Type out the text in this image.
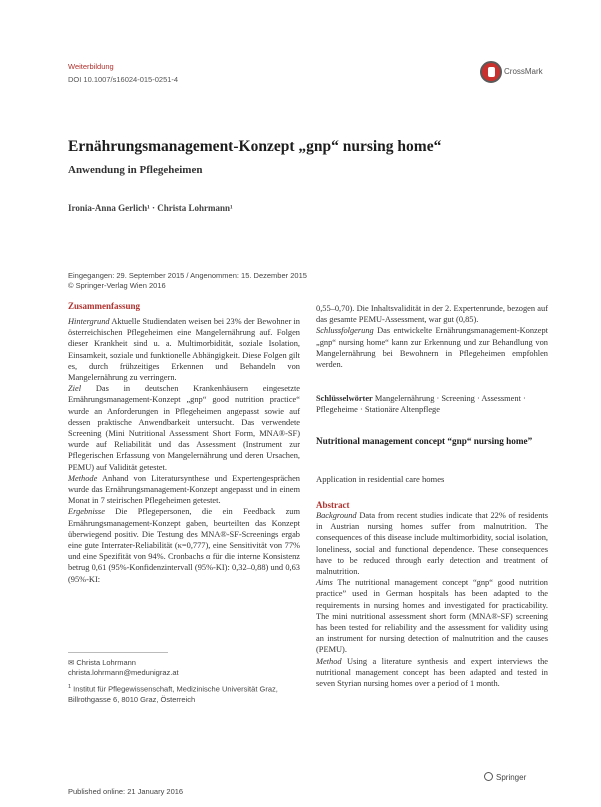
Weiterbildung
DOI 10.1007/s16024-015-0251-4
CrossMark
Ernährungsmanagement-Konzept „gnp“ nursing home“
Anwendung in Pflegeheimen
Ironia-Anna Gerlich¹ · Christa Lohrmann¹
Eingegangen: 29. September 2015 / Angenommen: 15. Dezember 2015
© Springer-Verlag Wien 2016
Zusammenfassung

Hintergrund Aktuelle Studiendaten weisen bei 23% der Bewohner in österreichischen Pflegeheimen eine Mangelernährung auf. Folgen dieser Krankheit sind u. a. Multimorbidität, soziale Isolation, Einsamkeit, soziale und funktionelle Abhängigkeit. Diese Folgen gilt es, durch frühzeitiges Erkennen und Behandeln von Mangelernährung zu verringern.

Ziel Das in deutschen Krankenhäusern eingesetzte Ernährungsmanagement-Konzept „gnp“ good nutrition practice“ wurde an Anforderungen in Pflegeheimen angepasst sowie auf dessen praktische Anwendbarkeit untersucht. Das verwendete Screening (Mini Nutritional Assessment Short Form, MNA®-SF) wurde auf Reliabilität und das Assessment (Instrument zur Pflegerischen Erfassung von Mangelernährung und deren Ursachen, PEMU) auf Validität getestet.

Methode Anhand von Literatursynthese und Expertengesprächen wurde das Ernährungsmanagement-Konzept angepasst und in einem Monat in 7 steirischen Pflegeheimen getestet.

Ergebnisse Die Pflegepersonen, die ein Feedback zum Ernährungsmanagement-Konzept gaben, beurteilten das Konzept überwiegend positiv. Die Testung des MNA®-SF-Screenings ergab eine gute Interrater-Reliabilität (κ=0,777), eine Sensitivität von 77% und eine Spezifität von 94%. Cronbachs α für die interne Konsistenz betrug 0,61 (95%-Konfidenzintervall (95%-KI): 0,32–0,88) und 0,63 (95%-KI:

0,55–0,70). Die Inhaltsvalidität in der 2. Expertenrunde, bezogen auf das gesamte PEMU-Assessment, war gut (0,85).

Schlussfolgerung Das entwickelte Ernährungsmanagement-Konzept „gnp“ nursing home“ kann zur Erkennung und zur Behandlung von Mangelernährung bei Bewohnern in Pflegeheimen empfohlen werden.

Schlüsselwörter Mangelernährung · Screening · Assessment · Pflegeheime · Stationäre Altenpflege
Nutritional management concept “gnp“ nursing home”
Application in residential care homes
Abstract

Background Data from recent studies indicate that 22% of residents in Austrian nursing homes suffer from malnutrition. The consequences of this disease include multimorbidity, social isolation, loneliness, social and functional dependence. These consequences have to be reduced through early detection and treatment of malnutrition.

Aims The nutritional management concept “gnp“ good nutrition practice” used in German hospitals has been adapted to the requirements in nursing homes and investigated for practicability. The mini nutritional assessment short form (MNA®-SF) screening has been tested for reliability and the assessment for validity using an instrument for nursing detection of malnutrition and the causes (PEMU).

Method Using a literature synthesis and expert interviews the nutritional management concept has been adapted and tested in seven Styrian nursing homes over a period of 1 month.

✉ Christa Lohrmann
christa.lohrmann@medunigraz.at
$^1$ Institut für Pflegewissenschaft, Medizinische Universität Graz, Billrothgasse 6, 8010 Graz, Österreich
Published online: 21 January 2016
Springer
